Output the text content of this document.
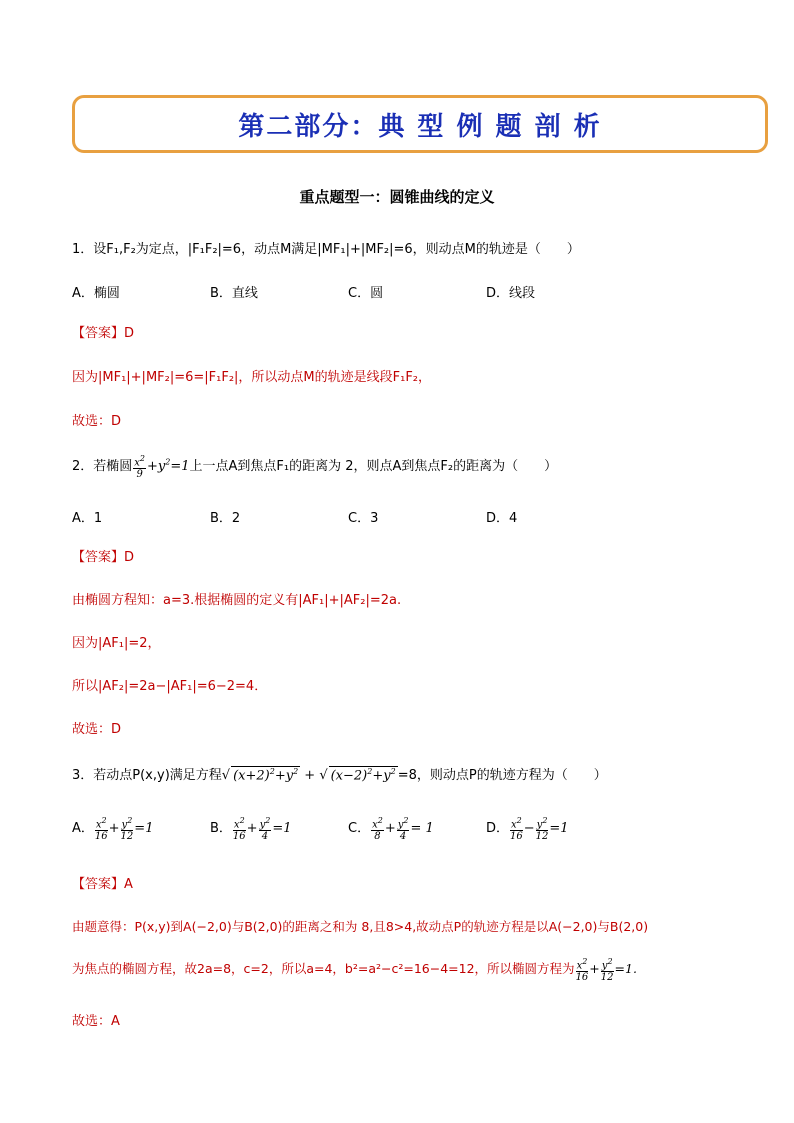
第二部分：典 型 例 题 剖 析
重点题型一：圆锥曲线的定义
1．设F₁,F₂为定点，|F₁F₂|=6，动点M满足|MF₁|+|MF₂|=6，则动点M的轨迹是（　　）
A．椭圆	B．直线	C．圆	D．线段
【答案】D
因为|MF₁|+|MF₂|=6=|F₁F₂|，所以动点M的轨迹是线段F₁F₂，
故选：D
2．若椭圆 $\frac{x^2}{9} +y^2=1$上一点A到焦点F₁的距离为 2，则点A到焦点F₂的距离为（　　）
A．1	B．2	C．3	D．4
【答案】D
由椭圆方程知：a=3.根据椭圆的定义有|AF₁|+|AF₂|=2a.
因为|AF₁|=2，
所以|AF₂|=2a−|AF₁|=6−2=4．
故选：D
3．若动点P(x,y)满足方程√ $(x+2)^2+y^2$ + √ $(x-2)^2+y^2 =8$，则动点P的轨迹方程为（　　）
A． $\frac{x^2}{16} + \frac{y^2}{12} =1$	B． $\frac{x^2}{16} + \frac{y^2}{4} =1$	C． $\frac{x^2}{8} + \frac{y^2}{4} = 1$	D． $\frac{x^2}{16} - \frac{y^2}{12} =1$
【答案】A
由题意得：P(x,y)到A(−2,0)与B(2,0)的距离之和为 8,且8>4,故动点P的轨迹方程是以A(−2,0)与B(2,0)
为焦点的椭圆方程，故2a=8，c=2，所以a=4，b²=a²−c²=16−4=12，所以椭圆方程为 $\frac{x^2}{16} + \frac{y^2}{12} =1$.
故选：A
